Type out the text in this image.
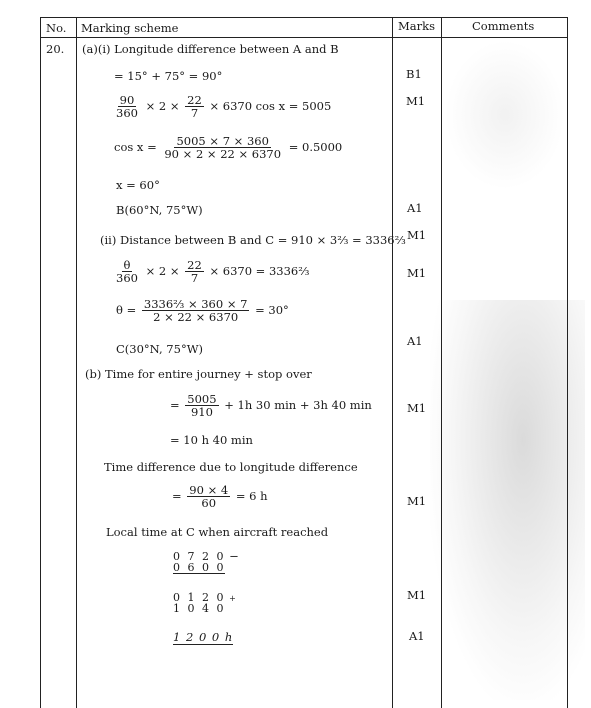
No. Marking scheme	Marks	Comments
20. (a)(i) Longitude difference between A and B
= 15° + 75° = 90°
$\frac{90}{360} \times 2 \times \frac{22}{7} \times 6370$ cos x = 5005
$\cos x = \frac{5005 \times 7 \times 360}{90 \times 2 \times 22 \times 6370} = 0.5000$
x = 60°
B(60°N, 75°W)
(ii) Distance between B and C = 910 × 3⅔ = 3336⅔
$\frac{\theta}{360} \times 2 \times \frac{22}{7} \times 6370$ = 3336⅔
$\theta = \frac{\text{3336⅔ × 360 × 7}}{2 \times 22 \times 6370} = 30^\circ$
C(30°N, 75°W)
(b) Time for entire journey + stop over
= $\frac{5005}{910} + 1h$ 30 min + 3h 40 min
= 10 h 40 min
Time difference due to longitude difference
= $\frac{90 \times 4}{60} = 6$ h
Local time at C when aircraft reached
0 7 2 0
0 6 0 0
−
0 1 2 0
1 0 4 0
+
1 2 0 0 h
B1
M1
A1
M1
M1
A1
M1
M1
M1
A1
